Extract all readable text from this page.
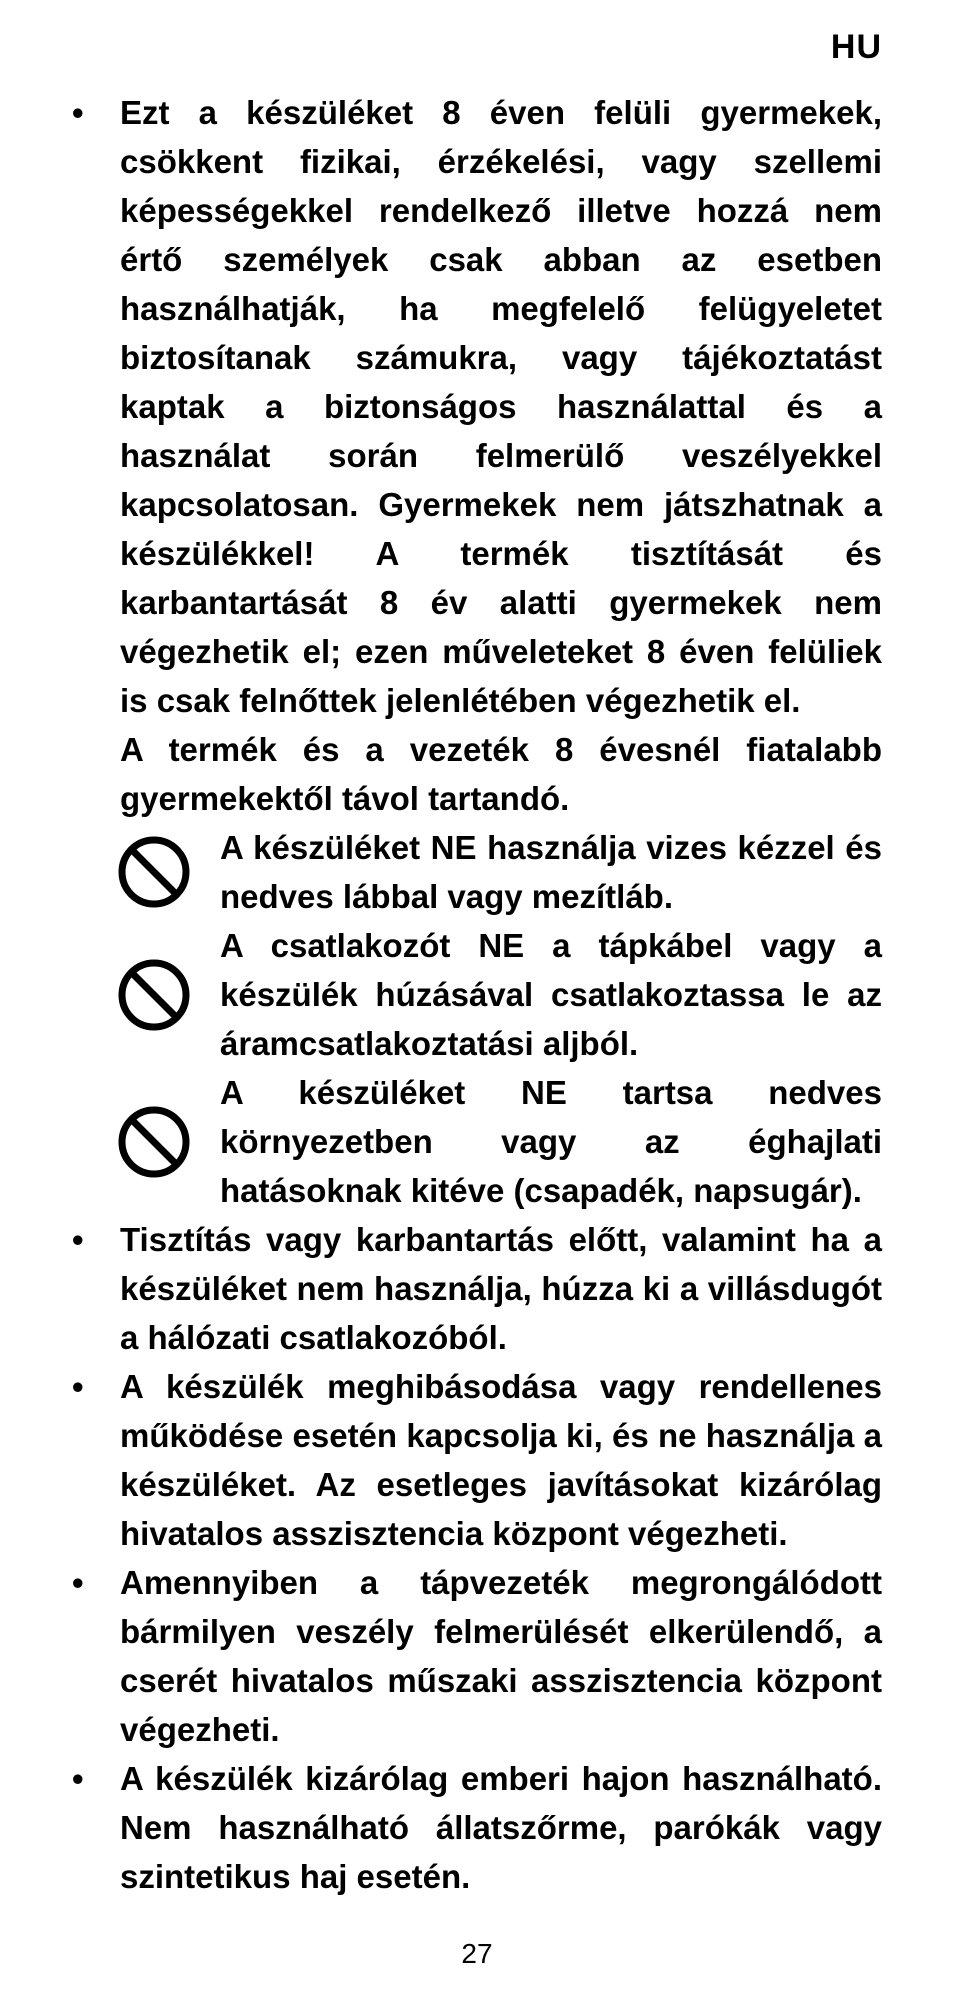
HU
• Ezt a készüléket 8 éven felüli gyermekek, csökkent fizikai, érzékelési, vagy szellemi képességekkel rendelkező illetve hozzá nem értő személyek csak abban az esetben használhatják, ha megfelelő felügyeletet biztosítanak számukra, vagy tájékoztatást kaptak a biztonságos használattal és a használat során felmerülő veszélyekkel kapcsolatosan. Gyermekek nem játszhatnak a készülékkel! A termék tisztítását és karbantartását 8 év alatti gyermekek nem végezhetik el; ezen műveleteket 8 éven felüliek is csak felnőttek jelenlétében végezhetik el.
A termék és a vezeték 8 évesnél fiatalabb gyermekektől távol tartandó.
A készüléket NE használja vizes kézzel és nedves lábbal vagy mezítláb.
A csatlakozót NE a tápkábel vagy a készülék húzásával csatlakoztassa le az áramcsatlakoztatási aljból.
A készüléket NE tartsa nedves környezetben vagy az éghajlati hatásoknak kitéve (csapadék, napsugár).
• Tisztítás vagy karbantartás előtt, valamint ha a készüléket nem használja, húzza ki a villásdugót a hálózati csatlakozóból.
• A készülék meghibásodása vagy rendellenes működése esetén kapcsolja ki, és ne használja a készüléket. Az esetleges javításokat kizárólag hivatalos asszisztencia központ végezheti.
• Amennyiben a tápvezeték megrongálódott bármilyen veszély felmerülését elkerülendő, a cserét hivatalos műszaki asszisztencia központ végezheti.
• A készülék kizárólag emberi hajon használható. Nem használható állatszőrme, parókák vagy szintetikus haj esetén.
27
